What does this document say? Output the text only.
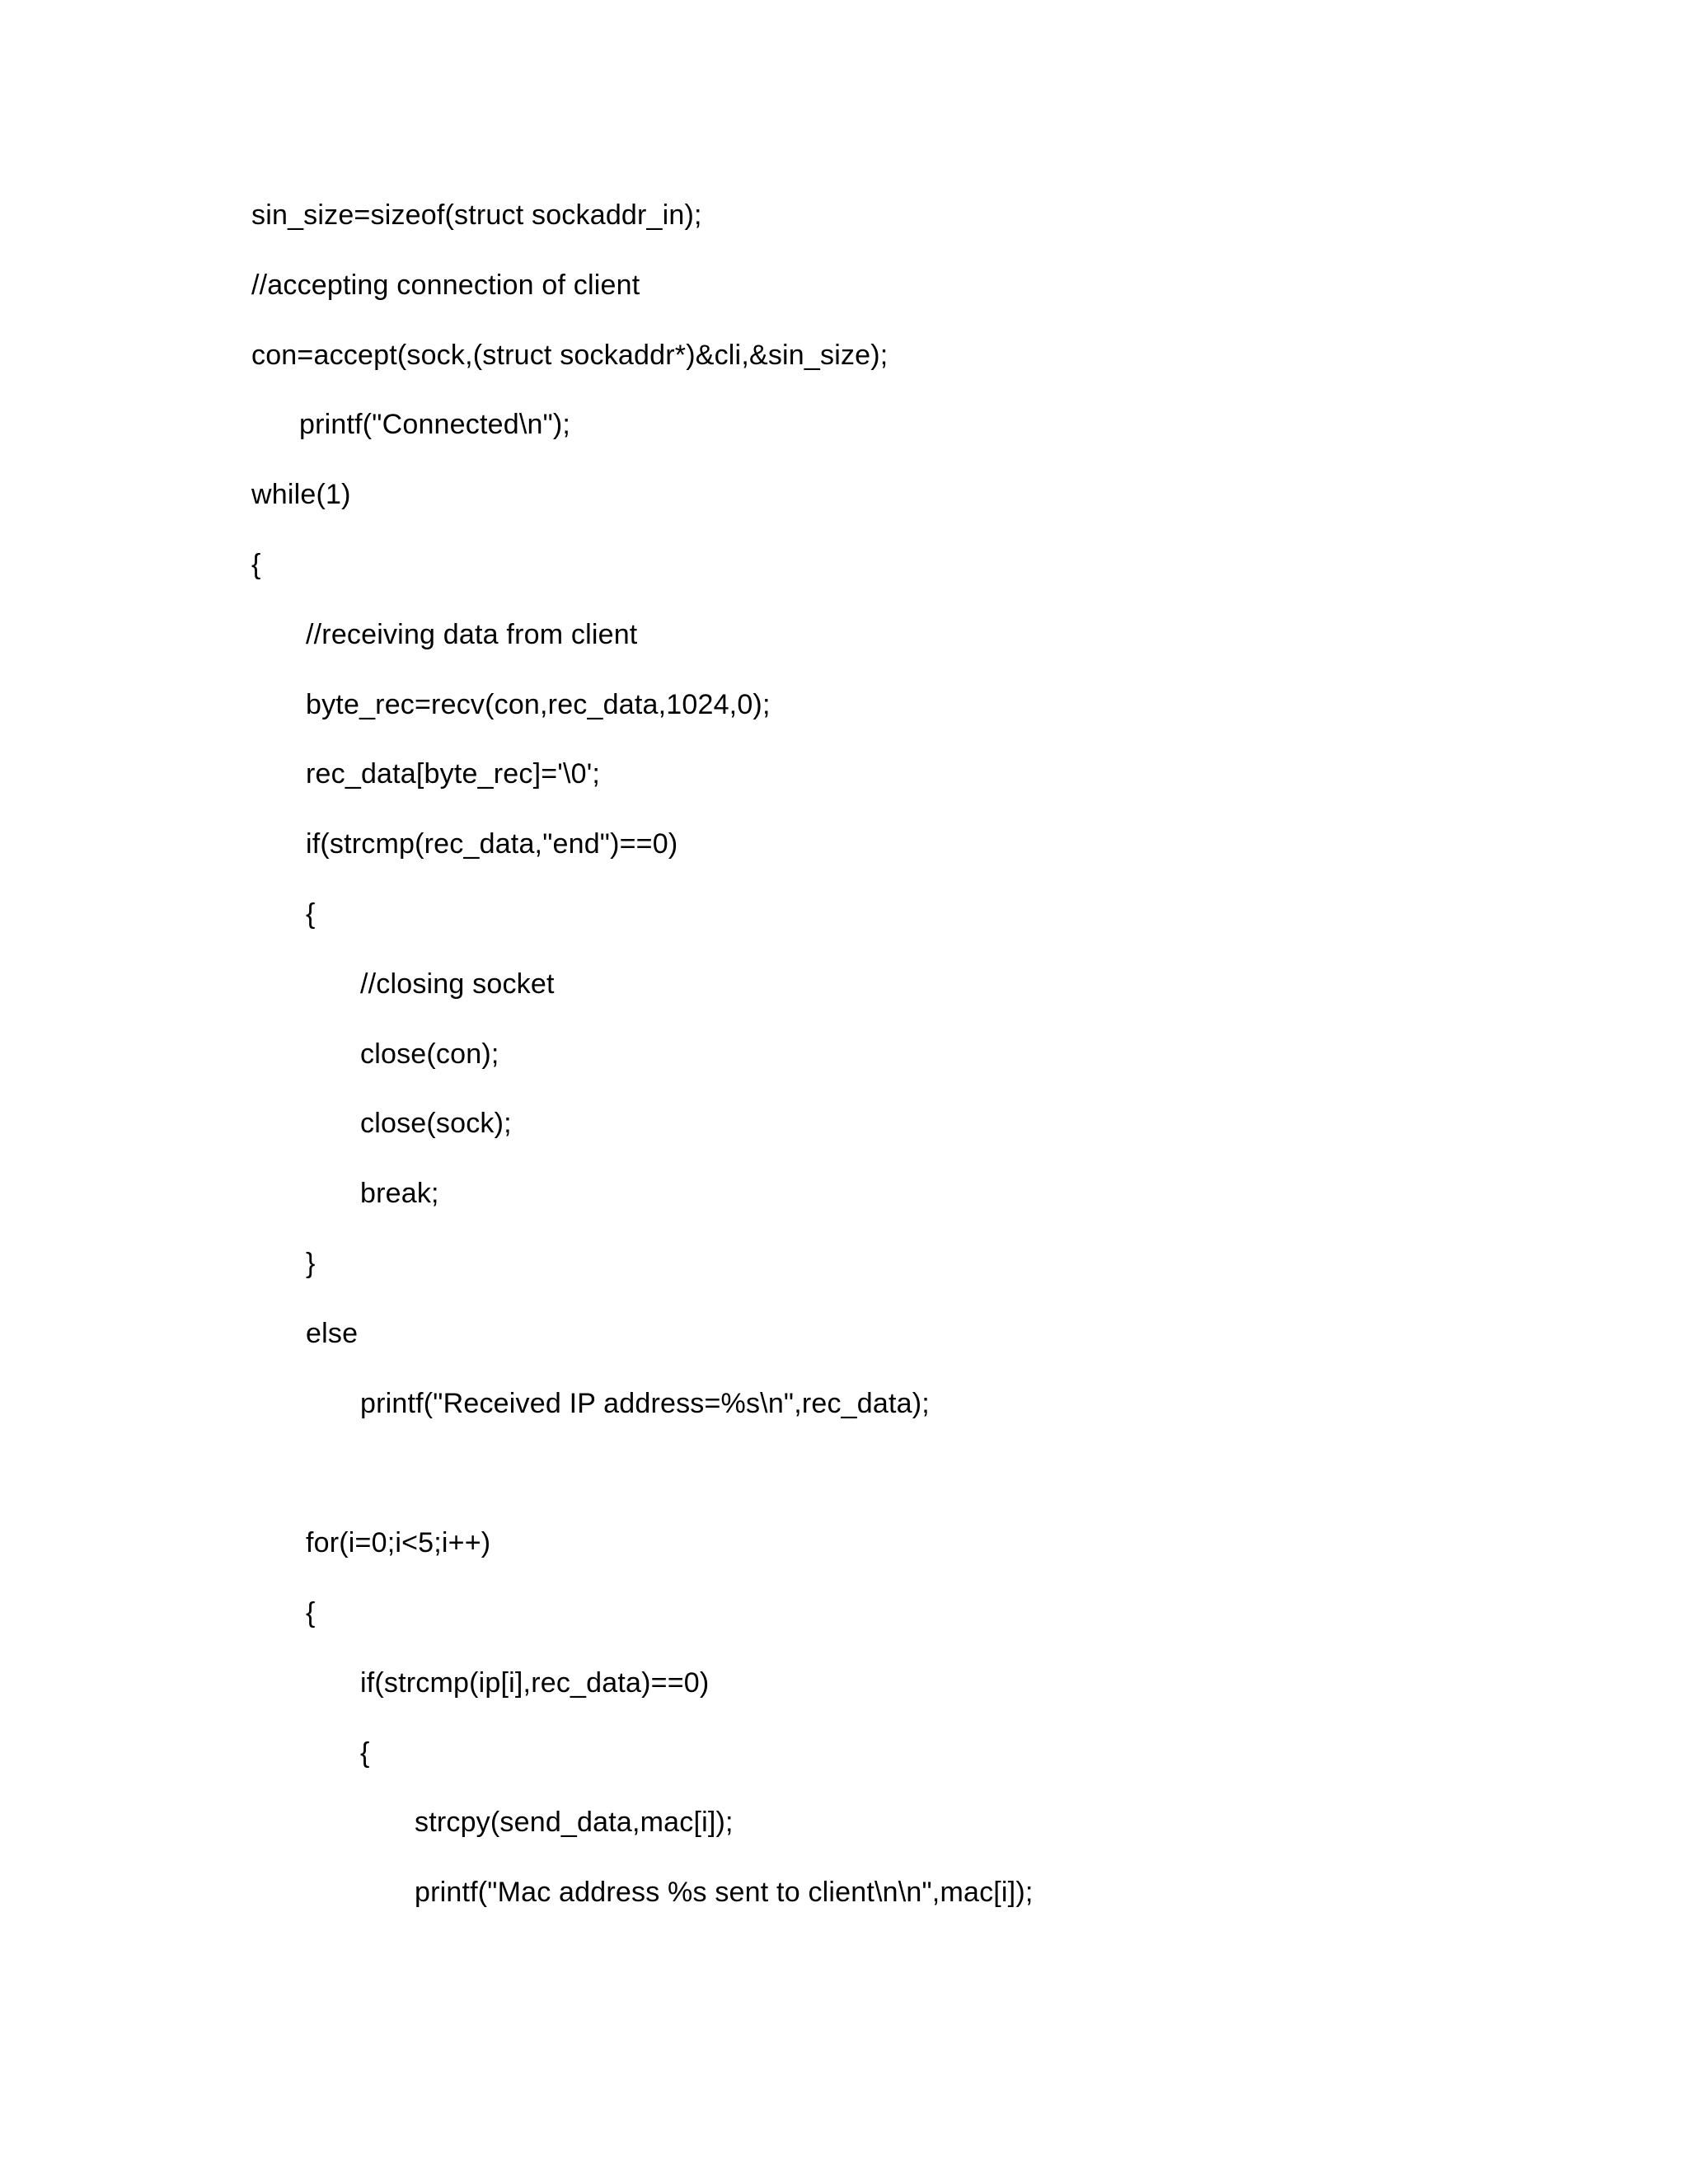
sin_size=sizeof(struct sockaddr_in);
//accepting connection of client
con=accept(sock,(struct sockaddr*)&cli,&sin_size);
printf("Connected\n");
while(1)
{
//receiving data from client
byte_rec=recv(con,rec_data,1024,0);
rec_data[byte_rec]='\0';
if(strcmp(rec_data,"end")==0)
{
//closing socket
close(con);
close(sock);
break;
}
else
printf("Received IP address=%s\n",rec_data);
for(i=0;i<5;i++)
{
if(strcmp(ip[i],rec_data)==0)
{
strcpy(send_data,mac[i]);
printf("Mac address %s sent to client\n\n",mac[i]);
